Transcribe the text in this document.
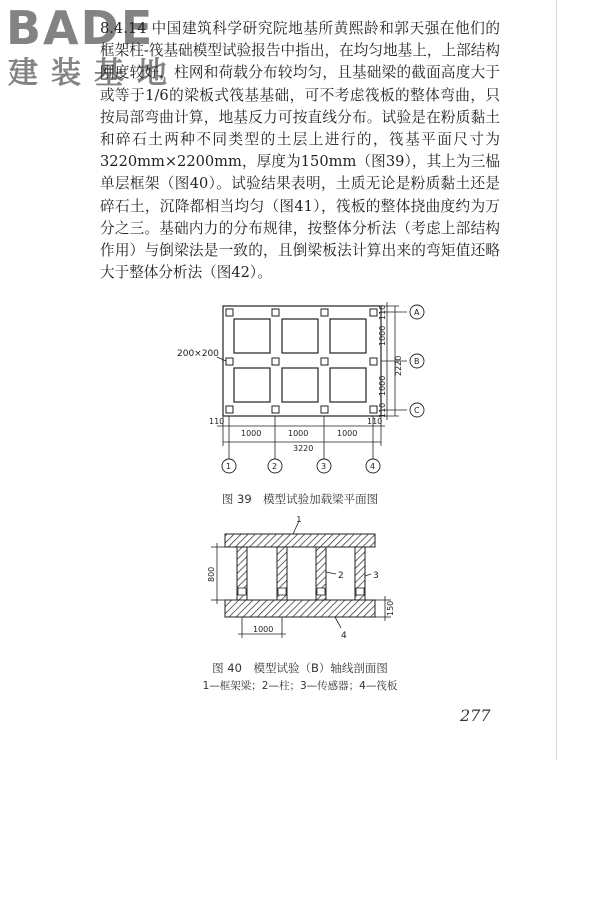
BADE
建装基地

8.4.14 中国建筑科学研究院地基所黄熙龄和郭天强在他们的框架柱-筏基础模型试验报告中指出，在均匀地基上，上部结构刚度较好，柱网和荷载分布较均匀，且基础梁的截面高度大于或等于1/6的梁板式筏基基础，可不考虑筏板的整体弯曲，只按局部弯曲计算，地基反力可按直线分布。试验是在粉质黏土和碎石土两种不同类型的土层上进行的，筏基平面尺寸为3220mm×2200mm，厚度为150mm（图39），其上为三榀单层框架（图40）。试验结果表明，土质无论是粉质黏土还是碎石土，沉降都相当均匀（图41），筏板的整体挠曲度约为万分之三。基础内力的分布规律，按整体分析法（考虑上部结构作用）与倒梁法是一致的，且倒梁板法计算出来的弯矩值还略大于整体分析法（图42）。

200×200
110
1000
1000
110
2220
A
B
C
110
1000	1000	1000
110
3220
1	2	3	4
图 39　模型试验加载梁平面图
800
150
1000
1
2	3
4
图 40　模型试验（B）轴线剖面图
1—框架梁；2—柱；3—传感器；4—筏板
277
